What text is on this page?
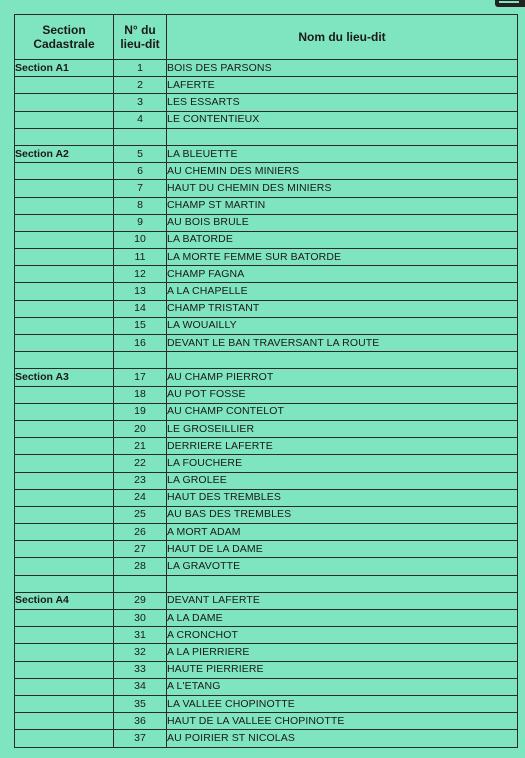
Section Cadastrale	N° du lieu-dit	Nom du lieu-dit
Section A1	1	BOIS DES PARSONS
	2	LAFERTE
	3	LES ESSARTS
	4	LE CONTENTIEUX

Section A2	5	LA BLEUETTE
	6	AU CHEMIN DES MINIERS
	7	HAUT DU CHEMIN DES MINIERS
	8	CHAMP ST MARTIN
	9	AU BOIS BRULE
	10	LA BATORDE
	11	LA MORTE FEMME SUR BATORDE
	12	CHAMP FAGNA
	13	A LA CHAPELLE
	14	CHAMP TRISTANT
	15	LA WOUAILLY
	16	DEVANT LE BAN TRAVERSANT LA ROUTE

Section A3	17	AU CHAMP PIERROT
	18	AU POT FOSSE
	19	AU CHAMP CONTELOT
	20	LE GROSEILLIER
	21	DERRIERE LAFERTE
	22	LA FOUCHERE
	23	LA GROLEE
	24	HAUT DES TREMBLES
	25	AU BAS DES TREMBLES
	26	A MORT ADAM
	27	HAUT DE LA DAME
	28	LA GRAVOTTE

Section A4	29	DEVANT LAFERTE
	30	A LA DAME
	31	A CRONCHOT
	32	A LA PIERRIERE
	33	HAUTE PIERRIERE
	34	A L'ETANG
	35	LA VALLEE CHOPINOTTE
	36	HAUT DE LA VALLEE CHOPINOTTE
	37	AU POIRIER ST NICOLAS
